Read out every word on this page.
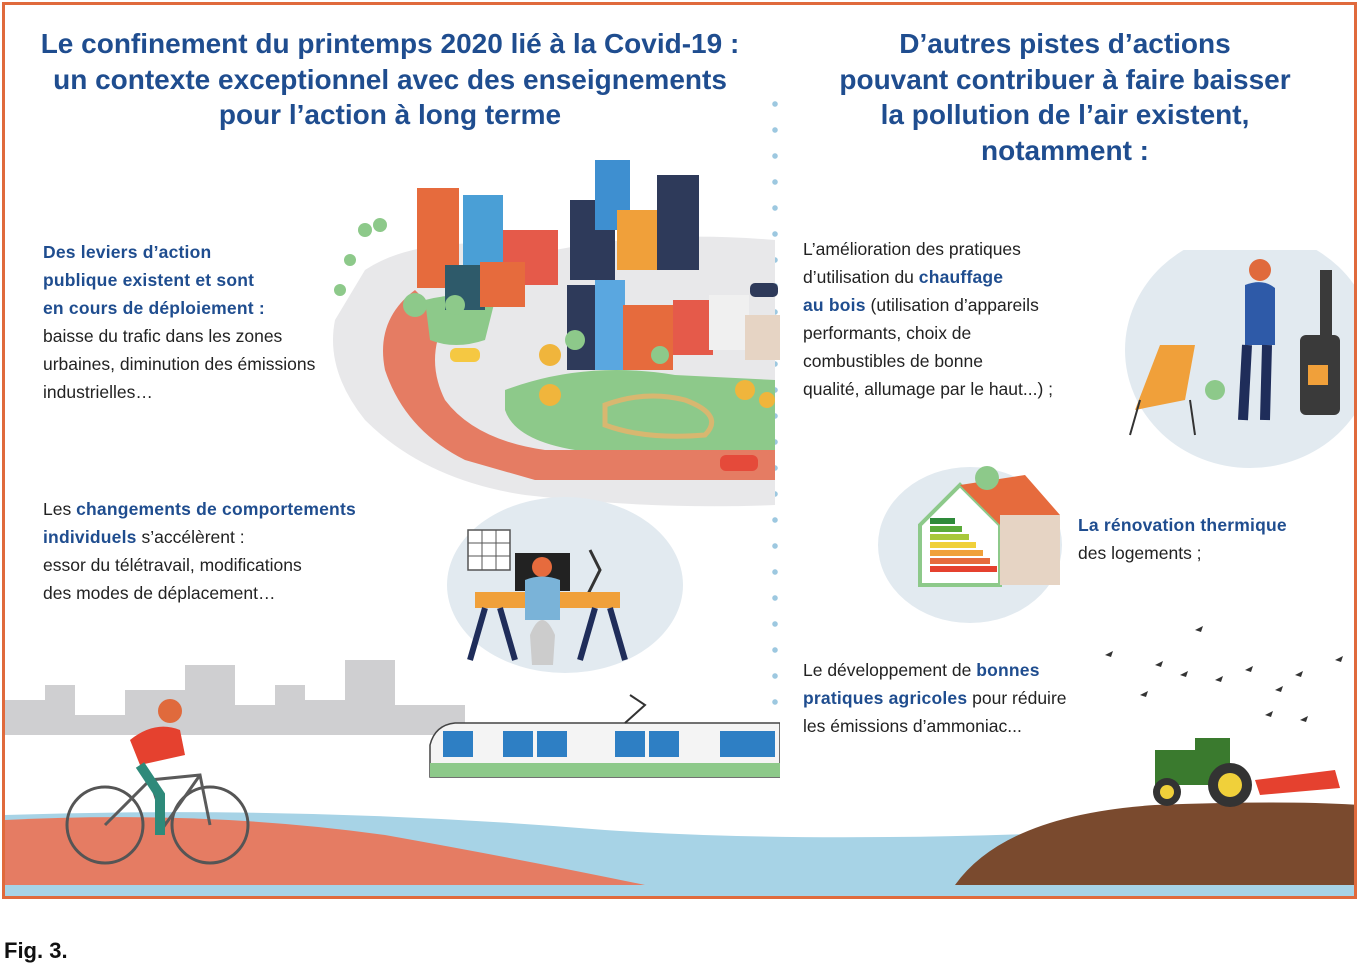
Le confinement du printemps 2020 lié à la Covid-19 :
un contexte exceptionnel avec des enseignements
pour l’action à long terme
D’autres pistes d’actions
pouvant contribuer à faire baisser
la pollution de l’air existent,
notamment :
Des leviers d’action publique existent et sont en cours de déploiement : baisse du trafic dans les zones urbaines, diminution des émissions industrielles…
Les changements de comportements individuels s’accélèrent : essor du télétravail, modifications des modes de déplacement…
L’amélioration des pratiques d’utilisation du chauffage au bois (utilisation d’appareils performants, choix de combustibles de bonne qualité, allumage par le haut...) ;
La rénovation thermique des logements ;
Le développement de bonnes pratiques agricoles pour réduire les émissions d’ammoniac...
Fig. 3.
